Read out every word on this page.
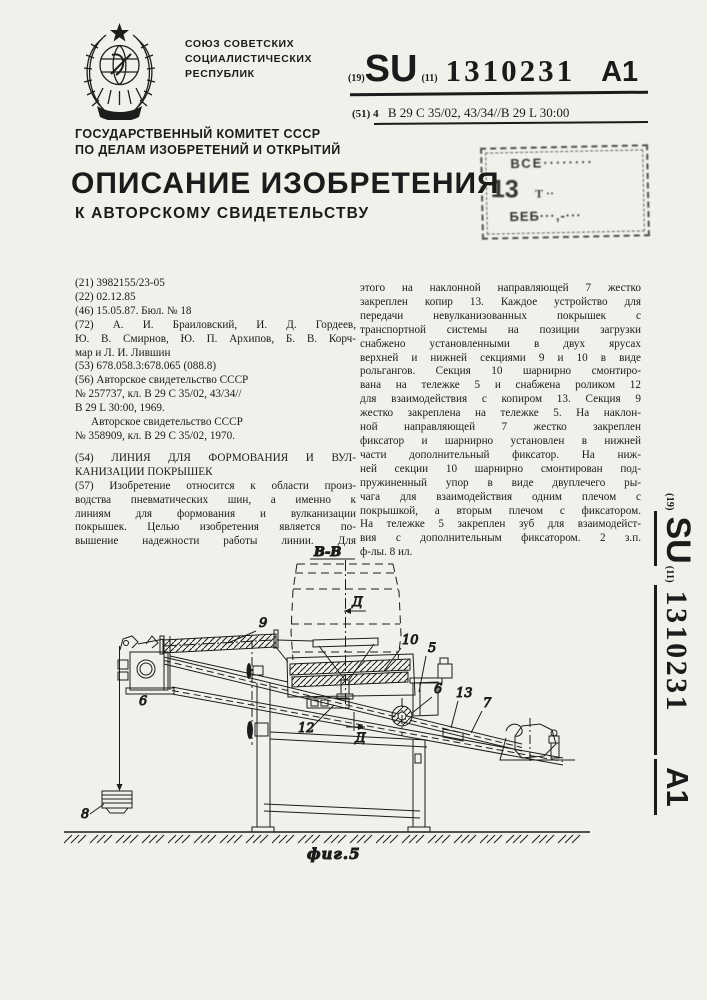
СОЮЗ СОВЕТСКИХ
СОЦИАЛИСТИЧЕСКИХ
РЕСПУБЛИК	(19) SU (11) 1310231 A1
(51) 4 B 29 C 35/02, 43/34//B 29 L 30:00
ГОСУДАРСТВЕННЫЙ КОМИТЕТ СССР
ПО ДЕЛАМ ИЗОБРЕТЕНИЙ И ОТКРЫТИЙ
ВСЕ········
13 Т ··
БЕБ···,-···
ОПИСАНИЕ ИЗОБРЕТЕНИЯ
К АВТОРСКОМУ СВИДЕТЕЛЬСТВУ
(21) 3982155/23-05
(22) 02.12.85
(46) 15.05.87. Бюл. № 18
(72) А. И. Браиловский, И. Д. Гордеев,
Ю. В. Смирнов, Ю. П. Архипов, Б. В. Корч-
мар и Л. И. Лившин
(53) 678.058.3:678.065 (088.8)
(56) Авторское свидетельство СССР
№ 257737, кл. В 29 С 35/02, 43/34//
В 29 L 30:00, 1969.
Авторское свидетельство СССР
№ 358909, кл. В 29 С 35/02, 1970.
(54) ЛИНИЯ ДЛЯ ФОРМОВАНИЯ И ВУЛ-
КАНИЗАЦИИ ПОКРЫШЕК
(57) Изобретение относится к области произ-
водства пневматических шин, а именно к
линиям для формования и вулканизации
покрышек. Целью изобретения является по-
вышение надежности работы линии. Для
этого на наклонной направляющей 7 жестко
закреплен копир 13. Каждое устройство для
передачи невулканизованных покрышек с
транспортной системы на позиции загрузки
снабжено установленными в двух ярусах
верхней и нижней секциями 9 и 10 в виде
рольгангов. Секция 10 шарнирно смонтиро-
вана на тележке 5 и снабжена роликом 12
для взаимодействия с копиром 13. Секция 9
жестко закреплена на тележке 5. На наклон-
ной направляющей 7 жестко закреплен
фиксатор и шарнирно установлен в нижней
части дополнительный фиксатор. На ниж-
ней секции 10 шарнирно смонтирован под-
пружиненный упор в виде двуплечего ры-
чага для взаимодействия одним плечом с
покрышкой, а вторым плечом с фиксатором.
На тележке 5 закреплен зуб для взаимодейст-
вия с дополнительным фиксатором. 2 з.п.
ф-лы. 8 ил.
(19)
SU
(11)
1310231
A1
В-В
Д
Д
9
10
5
6
6 13
7
12
8
фиг.5
